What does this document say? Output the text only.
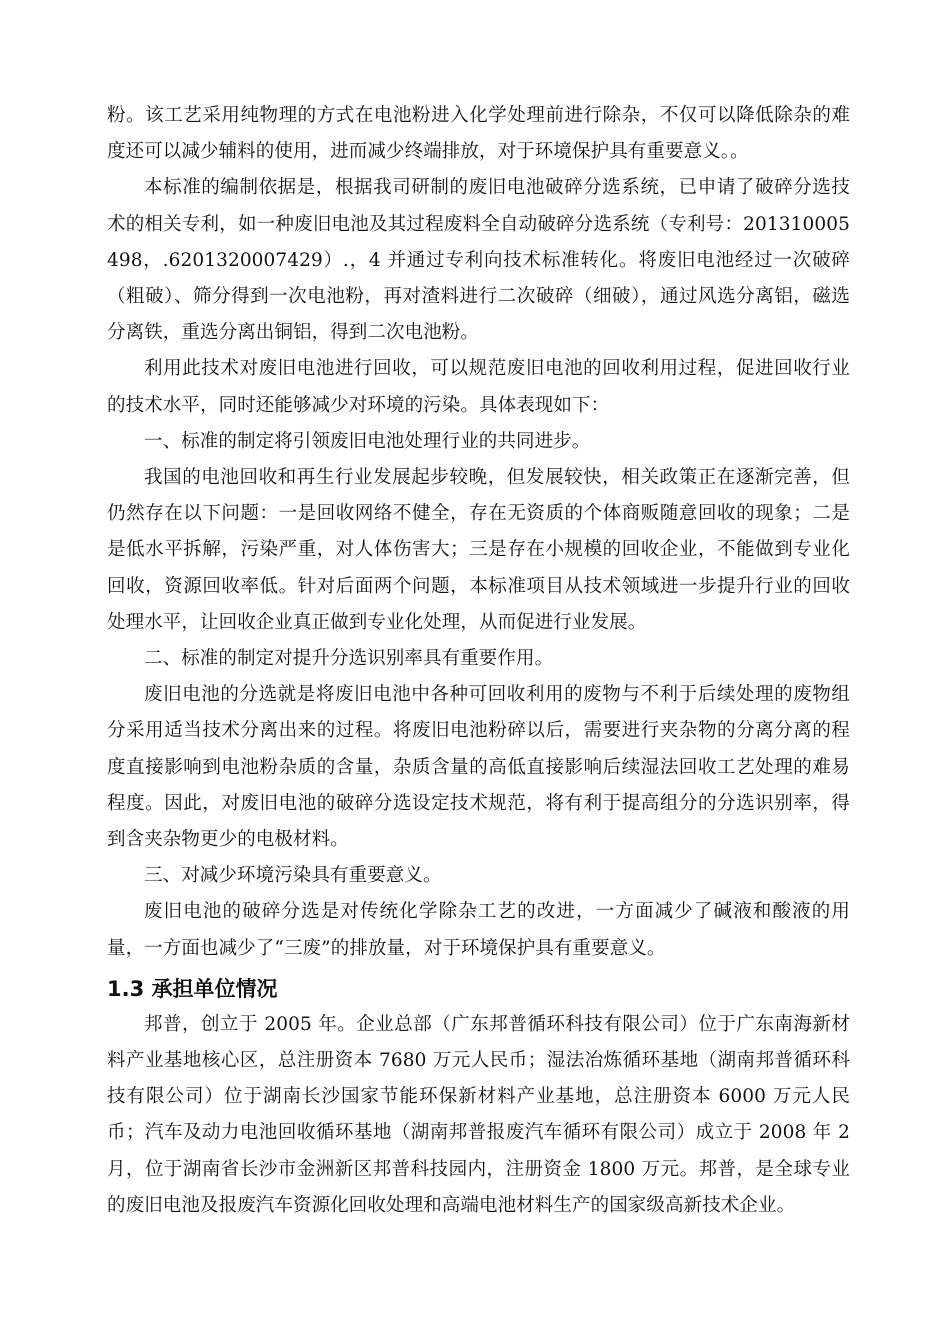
粉。该工艺采用纯物理的方式在电池粉进入化学处理前进行除杂，不仅可以降低除杂的难度还可以减少辅料的使用，进而减少终端排放，对于环境保护具有重要意义。。

本标准的编制依据是，根据我司研制的废旧电池破碎分选系统，已申请了破碎分选技术的相关专利，如一种废旧电池及其过程废料全自动破碎分选系统（专利号：201310005498，.6201320007429）.，4 并通过专利向技术标准转化。将废旧电池经过一次破碎（粗破）、筛分得到一次电池粉，再对渣料进行二次破碎（细破），通过风选分离铝，磁选分离铁，重选分离出铜铝，得到二次电池粉。

利用此技术对废旧电池进行回收，可以规范废旧电池的回收利用过程，促进回收行业的技术水平，同时还能够减少对环境的污染。具体表现如下：

一、标准的制定将引领废旧电池处理行业的共同进步。

我国的电池回收和再生行业发展起步较晚，但发展较快，相关政策正在逐渐完善，但仍然存在以下问题：一是回收网络不健全，存在无资质的个体商贩随意回收的现象；二是是低水平拆解，污染严重，对人体伤害大；三是存在小规模的回收企业，不能做到专业化回收，资源回收率低。针对后面两个问题，本标准项目从技术领域进一步提升行业的回收处理水平，让回收企业真正做到专业化处理，从而促进行业发展。

二、标准的制定对提升分选识别率具有重要作用。

废旧电池的分选就是将废旧电池中各种可回收利用的废物与不利于后续处理的废物组分采用适当技术分离出来的过程。将废旧电池粉碎以后，需要进行夹杂物的分离分离的程度直接影响到电池粉杂质的含量，杂质含量的高低直接影响后续湿法回收工艺处理的难易程度。因此，对废旧电池的破碎分选设定技术规范，将有利于提高组分的分选识别率，得到含夹杂物更少的电极材料。

三、对减少环境污染具有重要意义。

废旧电池的破碎分选是对传统化学除杂工艺的改进，一方面减少了碱液和酸液的用量，一方面也减少了“三废”的排放量，对于环境保护具有重要意义。

1.3 承担单位情况

邦普，创立于 2005 年。企业总部（广东邦普循环科技有限公司）位于广东南海新材料产业基地核心区，总注册资本 7680 万元人民币；湿法冶炼循环基地（湖南邦普循环科技有限公司）位于湖南长沙国家节能环保新材料产业基地，总注册资本 6000 万元人民币；汽车及动力电池回收循环基地（湖南邦普报废汽车循环有限公司）成立于 2008 年 2 月，位于湖南省长沙市金洲新区邦普科技园内，注册资金 1800 万元。邦普，是全球专业的废旧电池及报废汽车资源化回收处理和高端电池材料生产的国家级高新技术企业。
